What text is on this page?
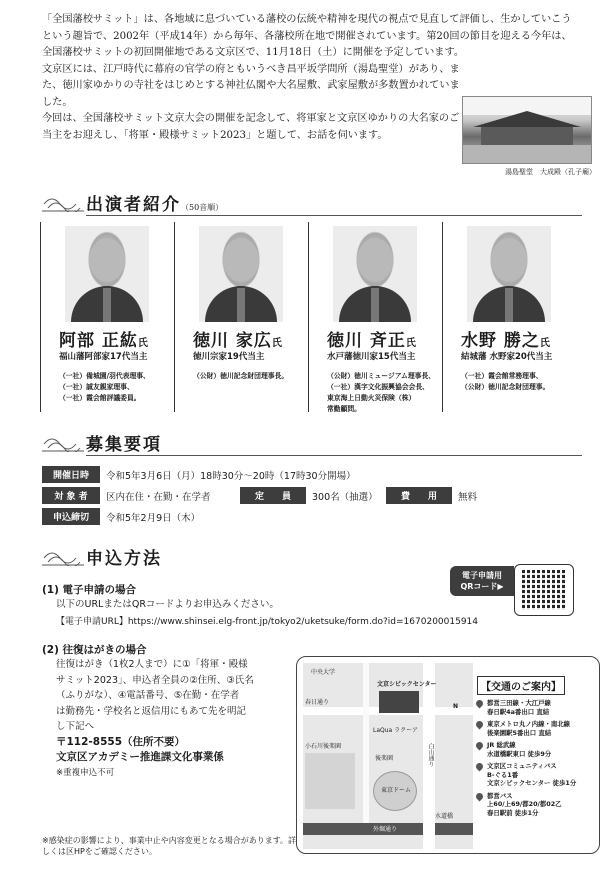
「全国藩校サミット」は、各地域に息づいている藩校の伝統や精神を現代の視点で見直して評価し、生かしていこうという趣旨で、2002年（平成14年）から毎年、各藩校所在地で開催されています。第20回の節目を迎える今年は、全国藩校サミットの初回開催地である文京区で、11月18日（土）に開催を予定しています。

文京区には、江戸時代に幕府の官学の府ともいうべき昌平坂学問所（湯島聖堂）があり、また、徳川家ゆかりの寺社をはじめとする神社仏閣や大名屋敷、武家屋敷が多数置かれていました。

今回は、全国藩校サミット文京大会の開催を記念して、将軍家と文京区ゆかりの大名家のご当主をお迎えし、「将軍・殿様サミット2023」と題して、お話を伺います。

湯島聖堂　大成殿（孔子廟）
出演者紹介（50音順）
阿部 正紘氏
福山藩阿部家17代当主
（一社）備城園/羽代表理事、
（一社）誠友親家理事、
（一社）霞会館評議委員。
徳川 家広氏
徳川宗家19代当主
（公財）徳川記念財団理事長。
徳川 斉正氏
水戸藩徳川家15代当主
（公財）徳川ミュージアム理事長、
（一社）漢字文化振興協会会長、
東京海上日動火災保険（株）
常勤顧問。
水野 勝之氏
結城藩 水野家20代当主
（一社）霞会館常務理事、
（公財）徳川記念財団理事。
募集要項
開催日時 令和5年3月6日（月）18時30分～20時（17時30分開場）
対 象 者 区内在住・在勤・在学者	定　　員 300名（抽選）	費　　用 無料
申込締切 令和5年2月9日（木）
申込方法
(1) 電子申請の場合
以下のURLまたはQRコードよりお申込みください。
【電子申請URL】https://www.shinsei.elg-front.jp/tokyo2/uketsuke/form.do?id=1670200015914
電子申請用
QRコード▶
(2) 往復はがきの場合
往復はがき（1枚2人まで）に①「将軍・殿様
サミット2023」、申込者全員の②住所、③氏名
（ふりがな）、④電話番号、⑤在勤・在学者
は勤務先・学校名と返信用にもあて先を明記
し下記へ
〒112-8555（住所不要）
文京区アカデミー推進課文化事業係
※重複申込不可
文京シビックセンター
LaQua ラクーア
東京ドーム
小石川後楽園
中央大学
春日通り
外堀通り
白山通り
水道橋
後楽園
N
【交通のご案内】
都営三田線・大江戸線
春日駅4a番出口 直結
東京メトロ丸ノ内線・南北線
後楽園駅5番出口 直結
JR 総武線
水道橋駅東口 徒歩9分
文京区コミュニティバス
B-ぐる1番
文京シビックセンター 徒歩1分
都営バス
上60/上69/都20/都02乙
春日駅前 徒歩1分
※感染症の影響により、事業中止や内容変更となる場合があります。詳しくは区HPをご確認ください。
